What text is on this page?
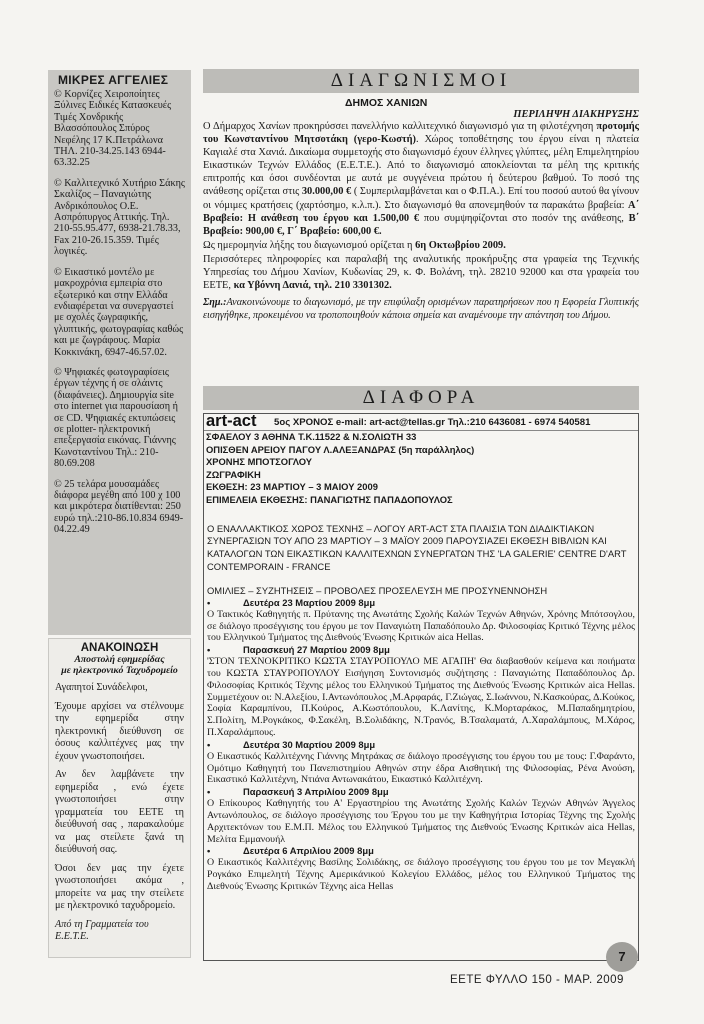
ΜΙΚΡΕΣ ΑΓΓΕΛΙΕΣ
© Κορνίζες Χειροποίητες Ξύλινες Ειδικές Κατασκευές Τιμές Χονδρικής Βλασσόπουλος Σπύρος Νεφέλης 17 Κ.Πετράλωνα ΤΗΛ. 210-34.25.143 6944-63.32.25
© Καλλιτεχνικό Χυτήριο Σάκης Σκαλίζος – Παναγιώτης Ανδρικόπουλος Ο.Ε. Ασπρόπυργος Αττικής. Τηλ. 210-55.95.477, 6938-21.78.33, Fax 210-26.15.359. Τιμές λογικές.
© Εικαστικό μοντέλο με μακροχρόνια εμπειρία στο εξωτερικό και στην Ελλάδα ενδιαφέρεται να συνεργαστεί με σχολές ζωγραφικής, γλυπτικής, φωτογραφίας καθώς και με ζωγράφους. Μαρία Κοκκινάκη, 6947-46.57.02.
© Ψηφιακές φωτογραφίσεις έργων τέχνης ή σε σλάιντς (διαφάνειες). Δημιουργία site στο internet για παρουσίαση ή σε CD. Ψηφιακές εκτυπώσεις σε plotter- ηλεκτρονική επεξεργασία εικόνας. Γιάννης Κωνσταντίνου Τηλ.: 210- 80.69.208
© 25 τελάρα μουσαμάδες διάφορα μεγέθη από 100 χ 100 και μικρότερα διατίθενται: 250 ευρώ τηλ.:210-86.10.834 6949-04.22.49
ΑΝΑΚΟΙΝΩΣΗ
Αποστολή εφημερίδας
με ηλεκτρονικό Ταχυδρομείο
Αγαπητοί Συνάδελφοι,
Έχουμε αρχίσει να στέλνουμε την εφημερίδα στην ηλεκτρονική διεύθυνση σε όσους καλλιτέχνες μας την έχουν γνωστοποιήσει.
Αν δεν λαμβάνετε την εφημερίδα , ενώ έχετε γνωστοποιήσει στην γραμματεία του ΕΕΤΕ τη διεύθυνσή σας , παρακαλούμε να μας στείλετε ξανά τη διεύθυνσή σας.
Όσοι δεν μας την έχετε γνωστοποιήσει ακόμα , μπορείτε να μας την στείλετε με ηλεκτρονικό ταχυδρομείο.
Από τη Γραμματεία του Ε.Ε.Τ.Ε.
ΔΙΑΓΩΝΙΣΜΟΙ
ΔΗΜΟΣ ΧΑΝΙΩΝ
ΠΕΡΙΛΗΨΗ ΔΙΑΚΗΡΥΞΗΣ

Ο Δήμαρχος Χανίων προκηρύσσει πανελλήνιο καλλιτεχνικό διαγωνισμό για τη φιλοτέχνηση προτομής του Κωνσταντίνου Μητσοτάκη (γερο-Κωστή). Χώρος τοποθέτησης του έργου είναι η πλατεία Καγιαλέ στα Χανιά. Δικαίωμα συμμετοχής στο διαγωνισμό έχουν έλληνες γλύπτες, μέλη Επιμελητηρίου Εικαστικών Τεχνών Ελλάδος (Ε.Ε.Τ.Ε.). Από το διαγωνισμό αποκλείονται τα μέλη της κριτικής επιτροπής και όσοι συνδέονται με αυτά με συγγένεια πρώτου ή δεύτερου βαθμού. Το ποσό της ανάθεσης ορίζεται στις 30.000,00 € ( Συμπεριλαμβάνεται και ο Φ.Π.Α.). Επί του ποσού αυτού θα γίνουν οι νόμιμες κρατήσεις (χαρτόσημο, κ.λ.π.). Στο διαγωνισμό θα απονεμηθούν τα παρακάτω βραβεία: Α΄ Βραβείο: Η ανάθεση του έργου και 1.500,00 € που συμψηφίζονται στο ποσόν της ανάθεσης, Β΄ Βραβείο: 900,00 €, Γ΄ Βραβείο: 600,00 €.

Ως ημερομηνία λήξης του διαγωνισμού ορίζεται η 6η Οκτωβρίου 2009.

Περισσότερες πληροφορίες και παραλαβή της αναλυτικής προκήρυξης στα γραφεία της Τεχνικής Υπηρεσίας του Δήμου Χανίων, Κυδωνίας 29, κ. Φ. Βολάνη, τηλ. 28210 92000 και στα γραφεία του ΕΕΤΕ, κα Υβόννη Δανιά, τηλ. 210 3301302.

Σημ.:Ανακοινώνουμε το διαγωνισμό, με την επιφύλαξη ορισμένων παρατηρήσεων που η Εφορεία Γλυπτικής εισηγήθηκε, προκειμένου να τροποποιηθούν κάποια σημεία και αναμένουμε την απάντηση του Δήμου.

ΔΙΑΦΟΡΑ
art-act 5ος ΧΡΟΝΟΣ e-mail: art-act@tellas.gr Τηλ.:210 6436081 - 6974 540581
ΣΦΑΕΛΟΥ 3 ΑΘΗΝΑ Τ.Κ.11522 & Ν.ΣΟΛΙΩΤΗ 33
ΟΠΙΣΘΕΝ ΑΡΕΙΟΥ ΠΑΓΟΥ Λ.ΑΛΕΞΑΝΔΡΑΣ (5η παράλληλος)
ΧΡΟΝΗΣ ΜΠΟΤΣΟΓΛΟΥ
ΖΩΓΡΑΦΙΚΗ
ΕΚΘΕΣΗ: 23 ΜΑΡΤΙΟΥ – 3 ΜΑΙΟΥ 2009
ΕΠΙΜΕΛΕΙΑ ΕΚΘΕΣΗΣ: ΠΑΝΑΓΙΩΤΗΣ ΠΑΠΑΔΟΠΟΥΛΟΣ
Ο ΕΝΑΛΛΑΚΤΙΚΟΣ ΧΩΡΟΣ ΤΕΧΝΗΣ – ΛΟΓΟΥ ART-ACT ΣΤΑ ΠΛΑΙΣΙΑ ΤΩΝ ΔΙΑΔΙΚΤΙΑΚΩΝ ΣΥΝΕΡΓΑΣΙΩΝ ΤΟΥ ΑΠΟ 23 ΜΑΡΤΙΟΥ – 3 ΜΑΪΟΥ 2009 ΠΑΡΟΥΣΙΑΖΕΙ ΕΚΘΕΣΗ ΒΙΒΛΙΩΝ ΚΑΙ ΚΑΤΑΛΟΓΩΝ ΤΩΝ ΕΙΚΑΣΤΙΚΩΝ ΚΑΛΛΙΤΕΧΝΩΝ ΣΥΝΕΡΓΑΤΩΝ ΤΗΣ 'LA GALERIE' CENTRE D'ART CONTEMPORAIN - FRANCE
ΟΜΙΛΙΕΣ – ΣΥΖΗΤΗΣΕΙΣ – ΠΡΟΒΟΛΕΣ ΠΡΟΣΕΛΕΥΣΗ ΜΕ ΠΡΟΣΥΝΕΝΝΟΗΣΗ
•	Δευτέρα 23 Μαρτίου 2009 8μμ
Ο Τακτικός Καθηγητής π. Πρύτανης της Ανωτάτης Σχολής Καλών Τεχνών Αθηνών, Χρόνης Μπότσογλου, σε διάλογο προσέγγισης του έργου με τον Παναγιώτη Παπαδόπουλο Δρ. Φιλοσοφίας Κριτικό Τέχνης μέλος του Ελληνικού Τμήματος της Διεθνούς Ένωσης Κριτικών aica Hellas.
•	Παρασκευή 27 Μαρτίου 2009 8μμ
'ΣΤΟΝ ΤΕΧΝΟΚΡΙΤΙΚΟ ΚΩΣΤΑ ΣΤΑΥΡΟΠΟΥΛΟ ΜΕ ΑΓΑΠΗ' Θα διαβασθούν κείμενα και ποιήματα του ΚΩΣΤΑ ΣΤΑΥΡΟΠΟΥΛΟΥ Εισήγηση Συντονισμός συζήτησης : Παναγιώτης Παπαδόπουλος Δρ. Φιλοσοφίας Κριτικός Τέχνης μέλος του Ελληνικού Τμήματος της Διεθνούς Ένωσης Κριτικών aica Hellas. Συμμετέχουν οι: Ν.Αλεξίου, Ι.Αντωνόπουλος ,Μ.Αρφαράς, Γ.Ζιώγας, Σ.Ιωάννου, Ν.Κασκούρας, Δ.Κούκος, Σοφία Καραμπίνου, Π.Κούρος, Α.Κωστόπουλου, Κ.Λαvίτης, Κ.Μορταράκος, Μ.Παπαδημητρίου, Σ.Πολίτη, Μ.Ρογκάκος, Φ.Σακέλη, Β.Σολιδάκης, Ν.Τρανός, Β.Τσαλαματά, Λ.Χαραλάμπους, Μ.Χάρος, Π.Χαραλάμπους.
•	Δευτέρα 30 Μαρτίου 2009 8μμ
Ο Εικαστικός Καλλιτέχνης Γιάννης Μητράκας σε διάλογο προσέγγισης του έργου του με τους: Γ.Φαράντο, Ομότιμο Καθηγητή του Πανεπιστημίου Αθηνών στην έδρα Αισθητική της Φιλοσοφίας, Ρένα Ανούση, Εικαστικό Καλλιτέχνη, Ντιάνα Αντωνακάτου, Εικαστικό Καλλιτέχνη.
•	Παρασκευή 3 Απριλίου 2009 8μμ
Ο Επίκουρος Καθηγητής του Α' Εργαστηρίου της Ανωτάτης Σχολής Καλών Τεχνών Αθηνών Άγγελος Αντωνόπουλος, σε διάλογο προσέγγισης του Έργου του με την Καθηγήτρια Ιστορίας Τέχνης της Σχολής Αρχιτεκτόνων του Ε.Μ.Π. Μέλος του Ελληνικού Τμήματος της Διεθνούς Ένωσης Κριτικών aica Hellas, Μελίτα Εμμανουήλ
•	Δευτέρα 6 Απριλίου 2009 8μμ
Ο Εικαστικός Καλλιτέχνης Βασίλης Σολιδάκης, σε διάλογο προσέγγισης του έργου του με τον Μεγακλή Ρογκάκο Επιμελητή Τέχνης Αμερικάνικού Κολεγίου Ελλάδος, μέλος του Ελληνικού Τμήματος της Διεθνούς Ένωσης Κριτικών Τέχνης aica Hellas
7
ΕΕΤΕ ΦΥΛΛΟ 150 - ΜΑΡ. 2009
